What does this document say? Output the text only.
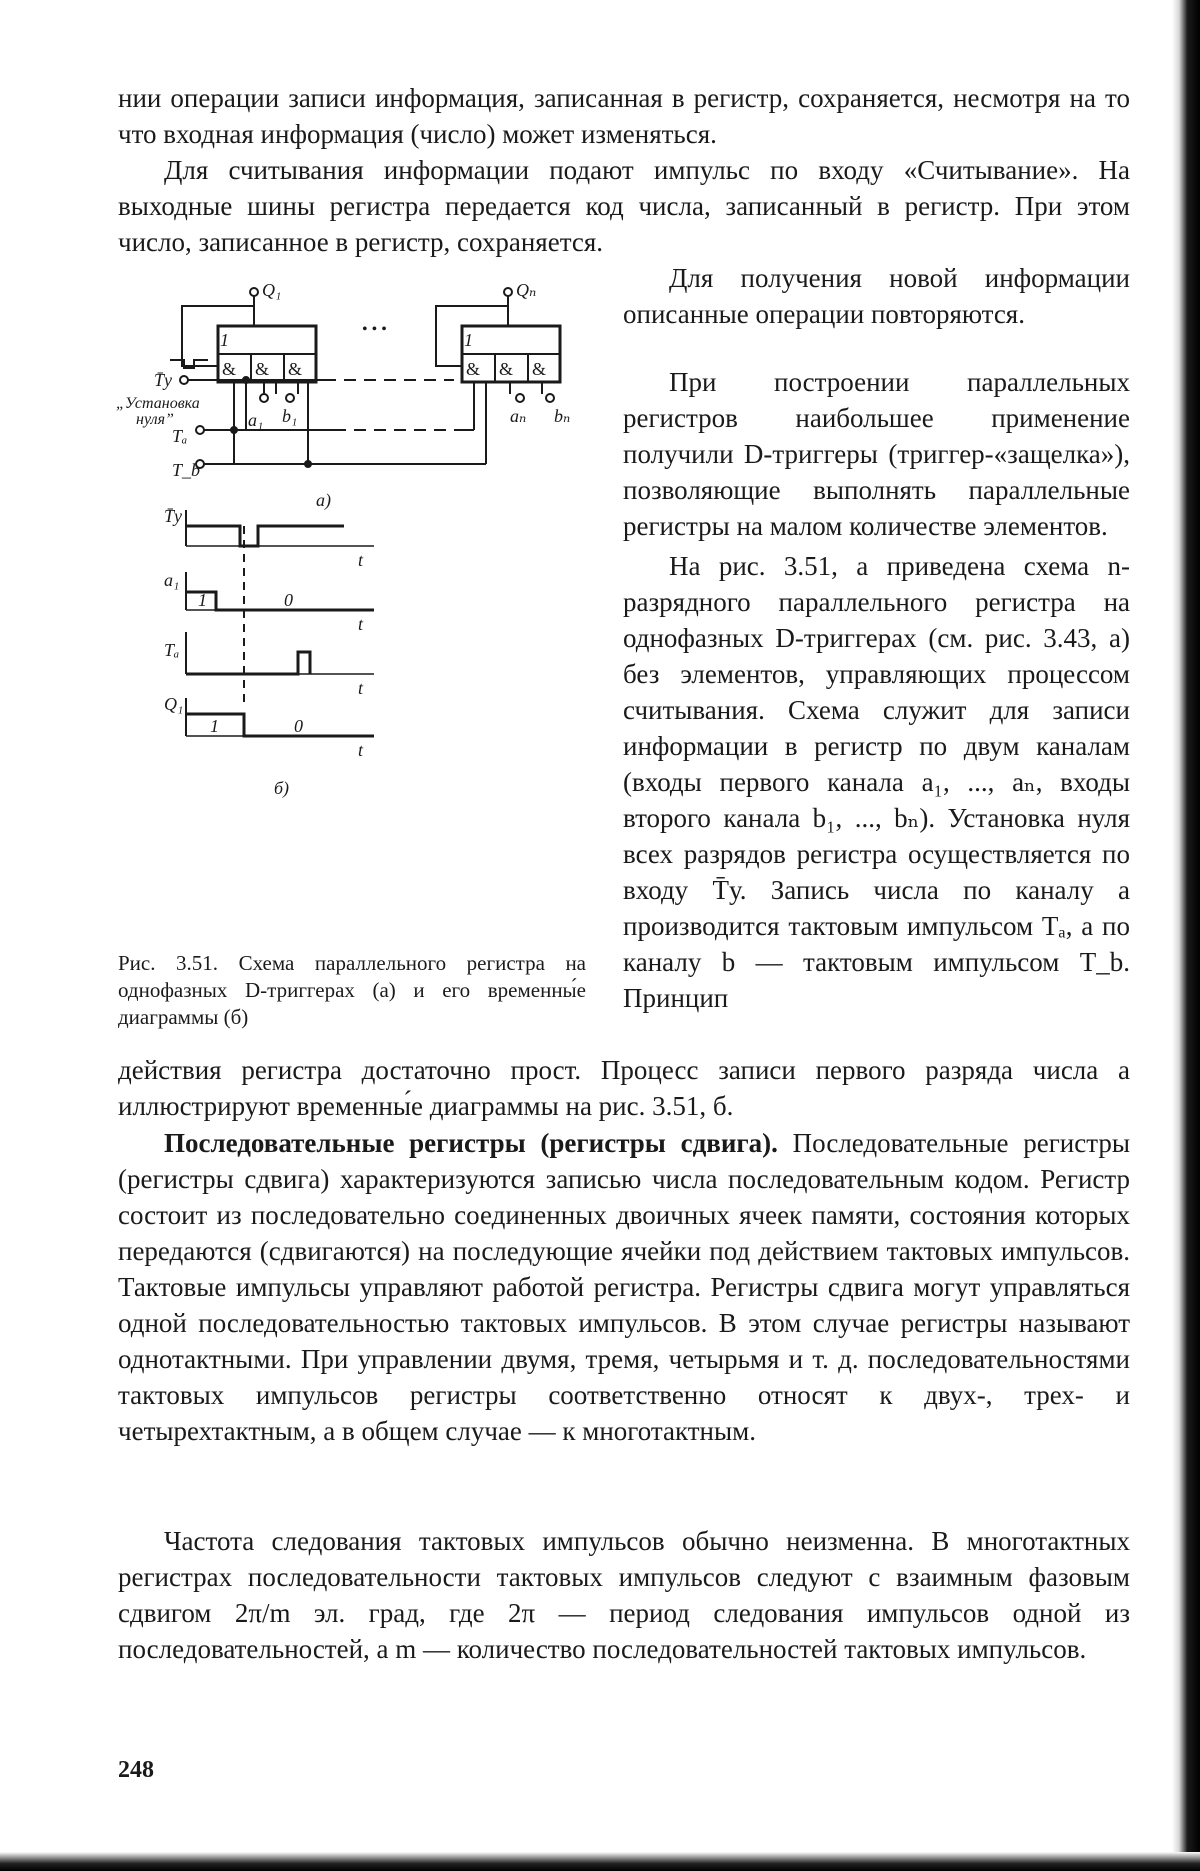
нии операции записи информация, записанная в регистр, сохраняется, несмотря на то что входная информация (число) может изменяться.

Для считывания информации подают импульс по входу «Считывание». На выходные шины регистра передается код числа, записанный в регистр. При этом число, записанное в регистр, сохраняется.

Для получения новой информации описанные операции повторяются.

При построении параллельных регистров наибольшее применение получили D-триггеры (триггер-«защелка»), позволяющие выполнять параллельные регистры на малом количестве элементов.

На рис. 3.51, а приведена схема n-разрядного параллельного регистра на однофазных D-триггерах (см. рис. 3.43, а) без элементов, управляющих процессом считывания. Схема служит для записи информации в регистр по двум каналам (входы первого канала a₁, ..., aₙ, входы второго канала b₁, ..., bₙ). Установка нуля всех разрядов регистра осуществляется по входу T̄у. Запись числа по каналу a производится тактовым импульсом Tₐ, а по каналу b — тактовым импульсом T_b. Принцип

действия регистра достаточно прост. Процесс записи первого разряда числа a иллюстрируют временны́е диаграммы на рис. 3.51, б.

Последовательные регистры (регистры сдвига). Последовательные регистры (регистры сдвига) характеризуются записью числа последовательным кодом. Регистр состоит из последовательно соединенных двоичных ячеек памяти, состояния которых передаются (сдвигаются) на последующие ячейки под действием тактовых импульсов. Тактовые импульсы управляют работой регистра. Регистры сдвига могут управляться одной последовательностью тактовых импульсов. В этом случае регистры называют однотактными. При управлении двумя, тремя, четырьмя и т. д. последовательностями тактовых импульсов регистры соответственно относят к двух-, трех- и четырехтактным, а в общем случае — к многотактным.

Частота следования тактовых импульсов обычно неизменна. В многотактных регистрах последовательности тактовых импульсов следуют с взаимным фазовым сдвигом 2π/m эл. град, где 2π — период следования импульсов одной из последовательностей, а m — количество последовательностей тактовых импульсов.

Рис. 3.51. Схема параллельного регистра на однофазных D-триггерах (а) и его временны́е диаграммы (б)

248
1
& & &
1
& & &
• • •
Q₁	Qₙ
T̄у
„Установка
нуля”
Tₐ
T_b
a₁ b₁	aₙ bₙ
а)
T̄у
t
a₁
1	0
t
Tₐ
t
Q₁
1	0
t
б)
